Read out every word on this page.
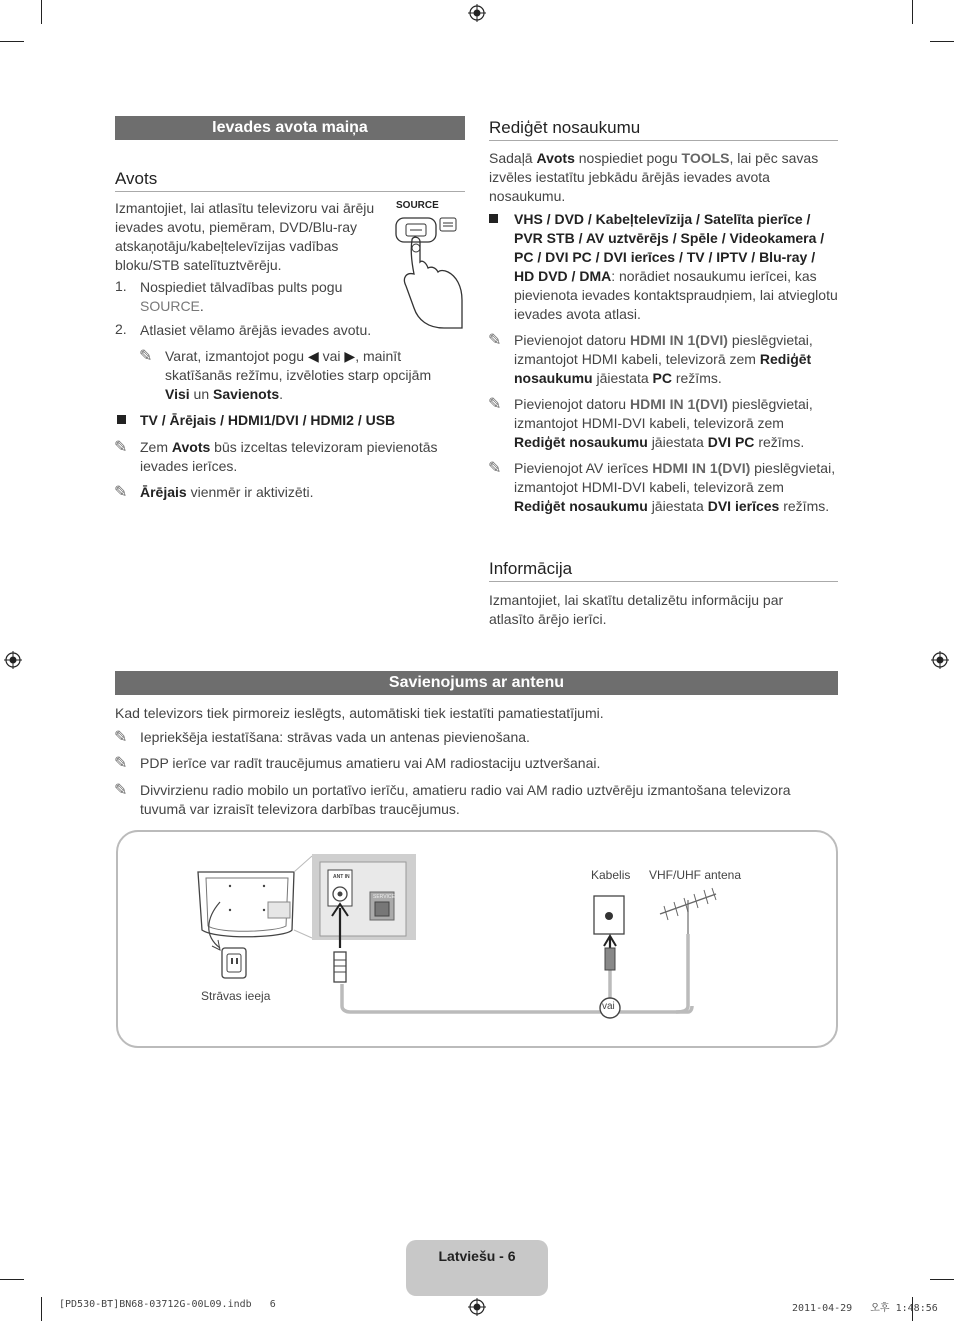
Ievades avota maiņa
Avots
Izmantojiet, lai atlasītu televizoru vai ārēju ievades avotu, piemēram, DVD/Blu-ray atskaņotāju/kabeļtelevīzijas vadības bloku/STB satelītuztvērēju.
SOURCE
1. Nospiediet tālvadības pults pogu SOURCE.
2. Atlasiet vēlamo ārējās ievades avotu.
✎ Varat, izmantojot pogu ◀ vai ▶, mainīt skatīšanās režīmu, izvēloties starp opcijām Visi un Savienots.
TV / Ārējais / HDMI1/DVI / HDMI2 / USB
✎ Zem Avots būs izceltas televizoram pievienotās ievades ierīces.
✎ Ārējais vienmēr ir aktivizēti.
Rediģēt nosaukumu
Sadaļā Avots nospiediet pogu TOOLS, lai pēc savas izvēles iestatītu jebkādu ārējās ievades avota nosaukumu.
VHS / DVD / Kabeļtelevīzija / Satelīta pierīce / PVR STB / AV uztvērējs / Spēle / Videokamera / PC / DVI PC / DVI ierīces / TV / IPTV / Blu-ray / HD DVD / DMA: norādiet nosaukumu ierīcei, kas pievienota ievades kontaktspraudņiem, lai atvieglotu ievades avota atlasi.
✎ Pievienojot datoru HDMI IN 1(DVI) pieslēgvietai, izmantojot HDMI kabeli, televizorā zem Rediģēt nosaukumu jāiestata PC režīms.
✎ Pievienojot datoru HDMI IN 1(DVI) pieslēgvietai, izmantojot HDMI-DVI kabeli, televizorā zem Rediģēt nosaukumu jāiestata DVI PC režīms.
✎ Pievienojot AV ierīces HDMI IN 1(DVI) pieslēgvietai, izmantojot HDMI-DVI kabeli, televizorā zem Rediģēt nosaukumu jāiestata DVI ierīces režīms.
Informācija
Izmantojiet, lai skatītu detalizētu informāciju par atlasīto ārējo ierīci.
Savienojums ar antenu
Kad televizors tiek pirmoreiz ieslēgts, automātiski tiek iestatīti pamatiestatījumi.
✎ Iepriekšēja iestatīšana: strāvas vada un antenas pievienošana.
✎ PDP ierīce var radīt traucējumus amatieru vai AM radiostaciju uztveršanai.
✎ Divvirzienu radio mobilo un portatīvo ierīču, amatieru radio vai AM radio uztvērēju izmantošana televizora tuvumā var izraisīt televizora darbības traucējumus.
Strāvas ieeja
Kabelis VHF/UHF antena
vai
ANT IN
SERVICE
Latviešu - 6
[PD530-BT]BN68-03712G-00L09.indb   6	2011-04-29   오후 1:48:56
